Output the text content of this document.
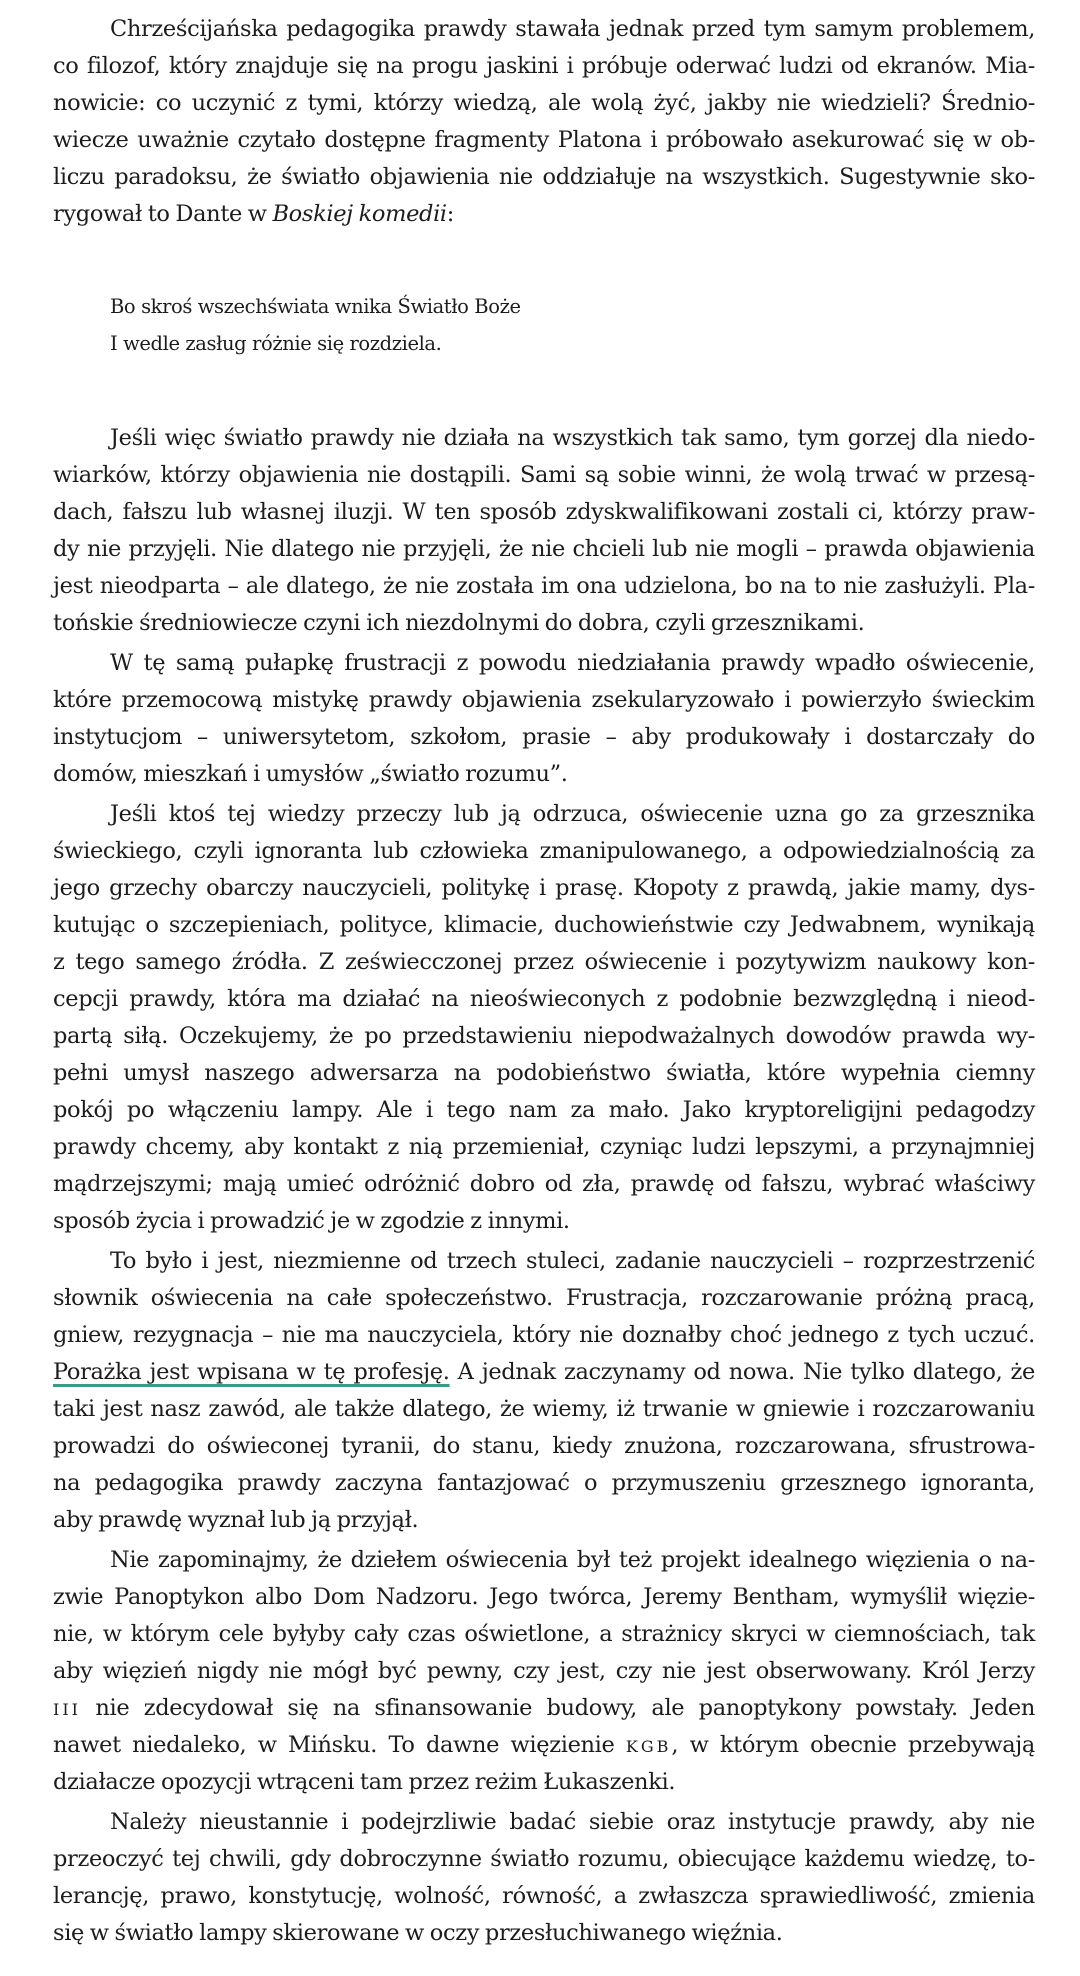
Chrześcijańska pedagogika prawdy stawała jednak przed tym samym problemem,
co filozof, który znajduje się na progu jaskini i próbuje oderwać ludzi od ekranów. Mia-
nowicie: co uczynić z tymi, którzy wiedzą, ale wolą żyć, jakby nie wiedzieli? Średnio-
wiecze uważnie czytało dostępne fragmenty Platona i próbowało asekurować się w ob-
liczu paradoksu, że światło objawienia nie oddziałuje na wszystkich. Sugestywnie sko-
rygował to Dante w Boskiej komedii:
Bo skroś wszechświata wnika Światło Boże
I wedle zasług różnie się rozdziela.
Jeśli więc światło prawdy nie działa na wszystkich tak samo, tym gorzej dla niedo-
wiarków, którzy objawienia nie dostąpili. Sami są sobie winni, że wolą trwać w przesą-
dach, fałszu lub własnej iluzji. W ten sposób zdyskwalifikowani zostali ci, którzy praw-
dy nie przyjęli. Nie dlatego nie przyjęli, że nie chcieli lub nie mogli – prawda objawienia
jest nieodparta – ale dlatego, że nie została im ona udzielona, bo na to nie zasłużyli. Pla-
tońskie średniowiecze czyni ich niezdolnymi do dobra, czyli grzesznikami.
W tę samą pułapkę frustracji z powodu niedziałania prawdy wpadło oświecenie,
które przemocową mistykę prawdy objawienia zsekularyzowało i powierzyło świeckim
instytucjom – uniwersytetom, szkołom, prasie – aby produkowały i dostarczały do
domów, mieszkań i umysłów „światło rozumu”.
Jeśli ktoś tej wiedzy przeczy lub ją odrzuca, oświecenie uzna go za grzesznika
świeckiego, czyli ignoranta lub człowieka zmanipulowanego, a odpowiedzialnością za
jego grzechy obarczy nauczycieli, politykę i prasę. Kłopoty z prawdą, jakie mamy, dys-
kutując o szczepieniach, polityce, klimacie, duchowieństwie czy Jedwabnem, wynikają
z tego samego źródła. Z zeświecczonej przez oświecenie i pozytywizm naukowy kon-
cepcji prawdy, która ma działać na nieoświeconych z podobnie bezwzględną i nieod-
partą siłą. Oczekujemy, że po przedstawieniu niepodważalnych dowodów prawda wy-
pełni umysł naszego adwersarza na podobieństwo światła, które wypełnia ciemny
pokój po włączeniu lampy. Ale i tego nam za mało. Jako kryptoreligijni pedagodzy
prawdy chcemy, aby kontakt z nią przemieniał, czyniąc ludzi lepszymi, a przynajmniej
mądrzejszymi; mają umieć odróżnić dobro od zła, prawdę od fałszu, wybrać właściwy
sposób życia i prowadzić je w zgodzie z innymi.
To było i jest, niezmienne od trzech stuleci, zadanie nauczycieli – rozprzestrzenić
słownik oświecenia na całe społeczeństwo. Frustracja, rozczarowanie próżną pracą,
gniew, rezygnacja – nie ma nauczyciela, który nie doznałby choć jednego z tych uczuć.
Porażka jest wpisana w tę profesję. A jednak zaczynamy od nowa. Nie tylko dlatego, że
taki jest nasz zawód, ale także dlatego, że wiemy, iż trwanie w gniewie i rozczarowaniu
prowadzi do oświeconej tyranii, do stanu, kiedy znużona, rozczarowana, sfrustrowa-
na pedagogika prawdy zaczyna fantazjować o przymuszeniu grzesznego ignoranta,
aby prawdę wyznał lub ją przyjął.
Nie zapominajmy, że dziełem oświecenia był też projekt idealnego więzienia o na-
zwie Panoptykon albo Dom Nadzoru. Jego twórca, Jeremy Bentham, wymyślił więzie-
nie, w którym cele byłyby cały czas oświetlone, a strażnicy skryci w ciemnościach, tak
aby więzień nigdy nie mógł być pewny, czy jest, czy nie jest obserwowany. Król Jerzy
III nie zdecydował się na sfinansowanie budowy, ale panoptykony powstały. Jeden
nawet niedaleko, w Mińsku. To dawne więzienie KGB, w którym obecnie przebywają
działacze opozycji wtrąceni tam przez reżim Łukaszenki.
Należy nieustannie i podejrzliwie badać siebie oraz instytucje prawdy, aby nie
przeoczyć tej chwili, gdy dobroczynne światło rozumu, obiecujące każdemu wiedzę, to-
lerancję, prawo, konstytucję, wolność, równość, a zwłaszcza sprawiedliwość, zmienia
się w światło lampy skierowane w oczy przesłuchiwanego więźnia.
